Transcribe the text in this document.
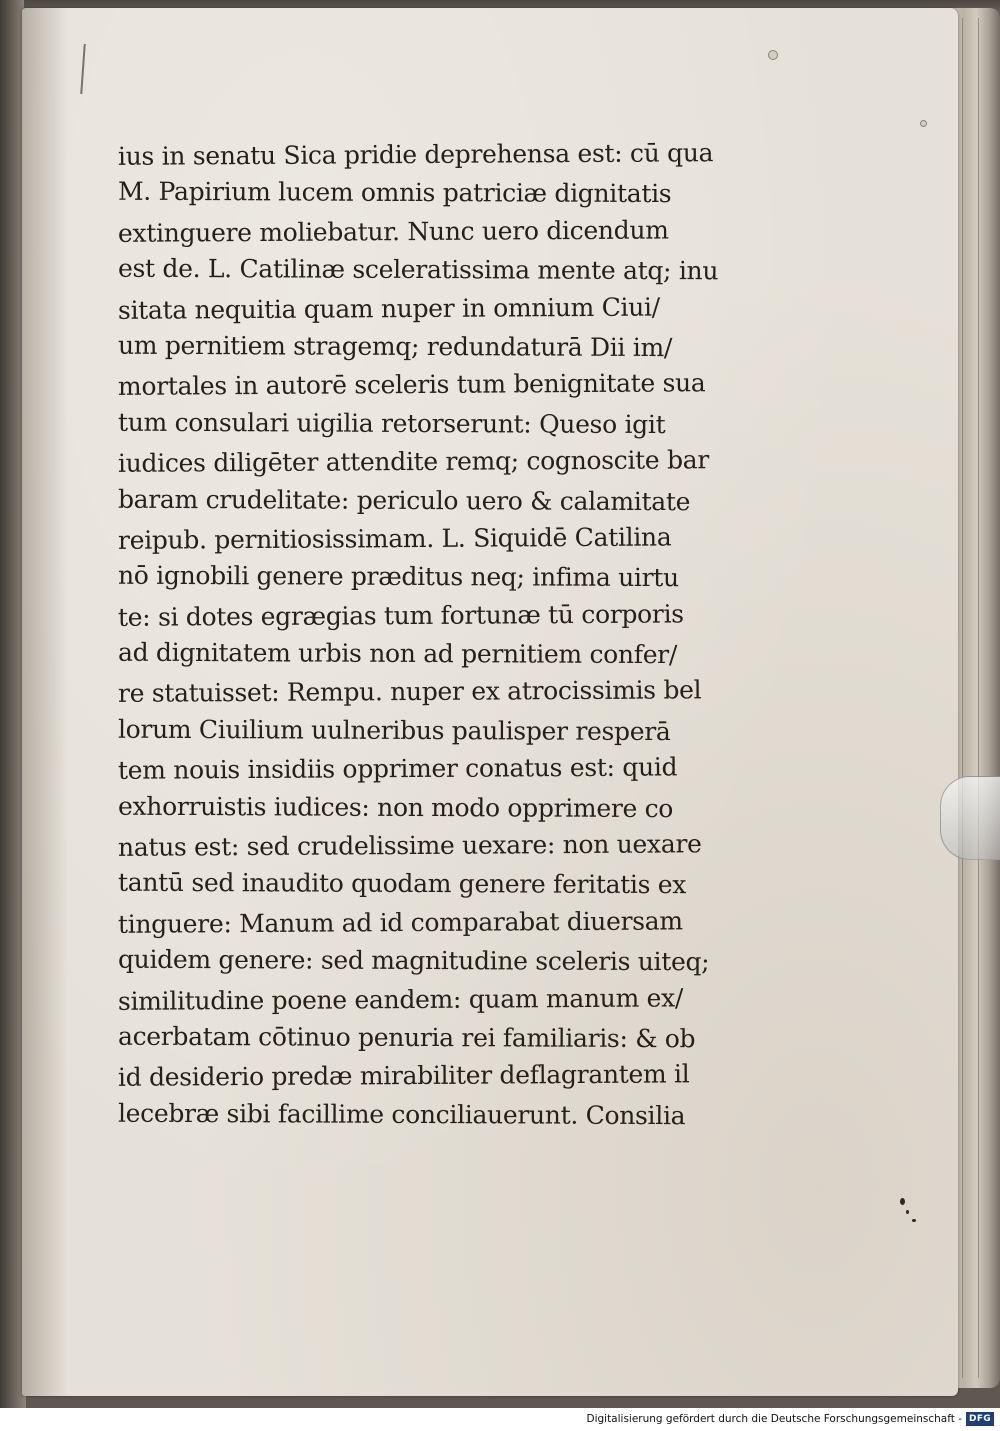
ius in senatu Sica pridie deprehensa est: cū qua
M. Papirium lucem omnis patriciæ dignitatis
extinguere moliebatur. Nunc uero dicendum
est de. L. Catilinæ sceleratissima mente atq; inu
sitata nequitia quam nuper in omnium Ciui/
um pernitiem stragemq; redundaturā Dii im/
mortales in autorē sceleris tum benignitate sua
tum consulari uigilia retorserunt: Queso igit
iudices diligēter attendite remq; cognoscite bar
baram crudelitate: periculo uero & calamitate
reipub. pernitiosissimam. L. Siquidē Catilina
nō ignobili genere præditus neq; infima uirtu
te: si dotes egrægias tum fortunæ tū corporis
ad dignitatem urbis non ad pernitiem confer/
re statuisset: Rempu. nuper ex atrocissimis bel
lorum Ciuilium uulneribus paulisper resperā
tem nouis insidiis opprimer conatus est: quid
exhorruistis iudices: non modo opprimere co
natus est: sed crudelissime uexare: non uexare
tantū sed inaudito quodam genere feritatis ex
tinguere: Manum ad id comparabat diuersam
quidem genere: sed magnitudine sceleris uiteq;
similitudine poene eandem: quam manum ex/
acerbatam cōtinuo penuria rei familiaris: & ob
id desiderio predæ mirabiliter deflagrantem il
lecebræ sibi facillime conciliauerunt. Consilia
Digitalisierung gefördert durch die Deutsche Forschungsgemeinschaft - DFG
